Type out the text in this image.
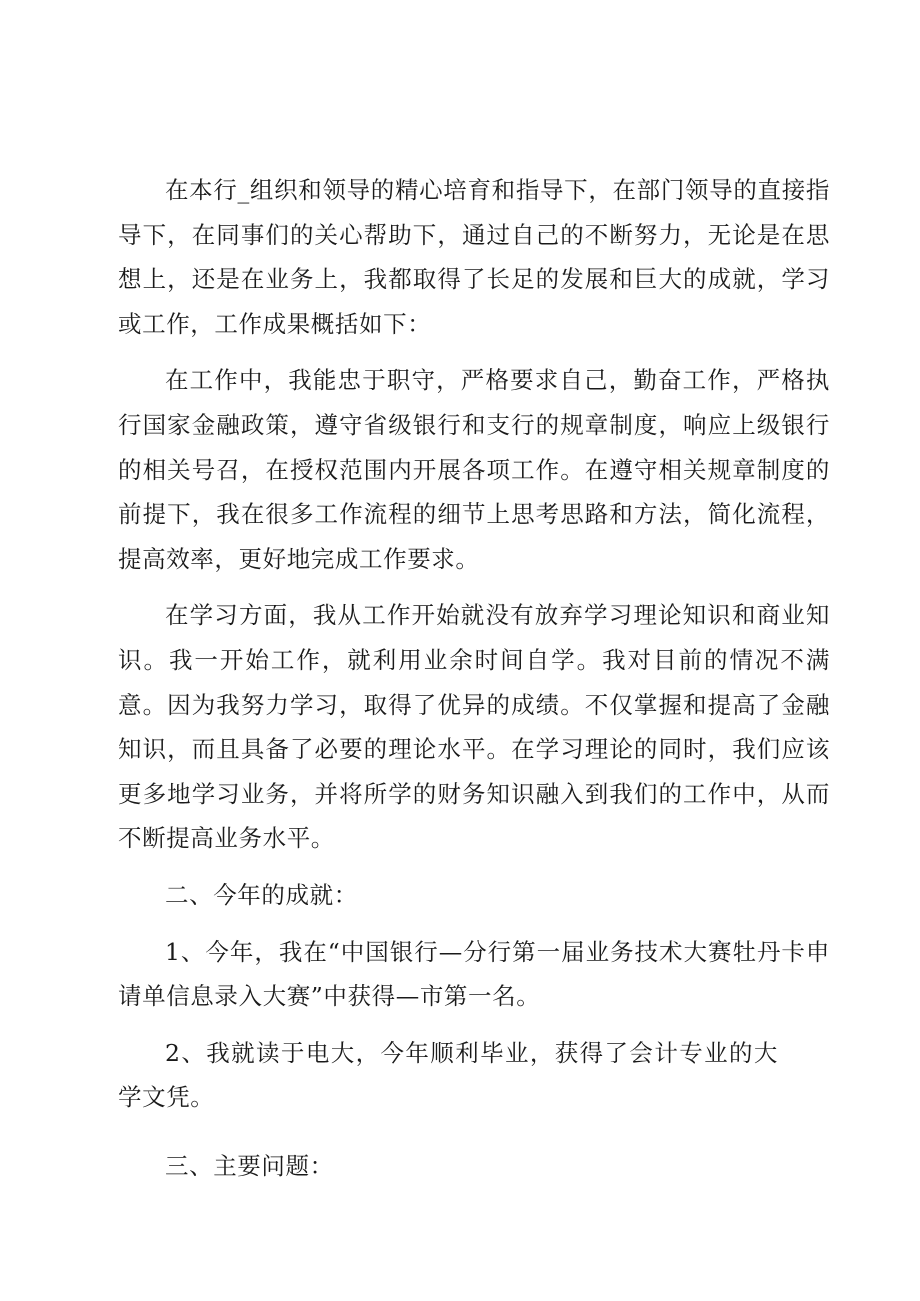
在本行_组织和领导的精心培育和指导下，在部门领导的直接指导下，在同事们的关心帮助下，通过自己的不断努力，无论是在思想上，还是在业务上，我都取得了长足的发展和巨大的成就，学习或工作，工作成果概括如下：

在工作中，我能忠于职守，严格要求自己，勤奋工作，严格执行国家金融政策，遵守省级银行和支行的规章制度，响应上级银行的相关号召，在授权范围内开展各项工作。在遵守相关规章制度的前提下，我在很多工作流程的细节上思考思路和方法，简化流程，提高效率，更好地完成工作要求。

在学习方面，我从工作开始就没有放弃学习理论知识和商业知识。我一开始工作，就利用业余时间自学。我对目前的情况不满意。因为我努力学习，取得了优异的成绩。不仅掌握和提高了金融知识，而且具备了必要的理论水平。在学习理论的同时，我们应该更多地学习业务，并将所学的财务知识融入到我们的工作中，从而不断提高业务水平。

二、今年的成就：

1、今年，我在“中国银行—分行第一届业务技术大赛牡丹卡申请单信息录入大赛”中获得—市第一名。

2、我就读于电大，今年顺利毕业，获得了会计专业的大学文凭。

三、主要问题：
